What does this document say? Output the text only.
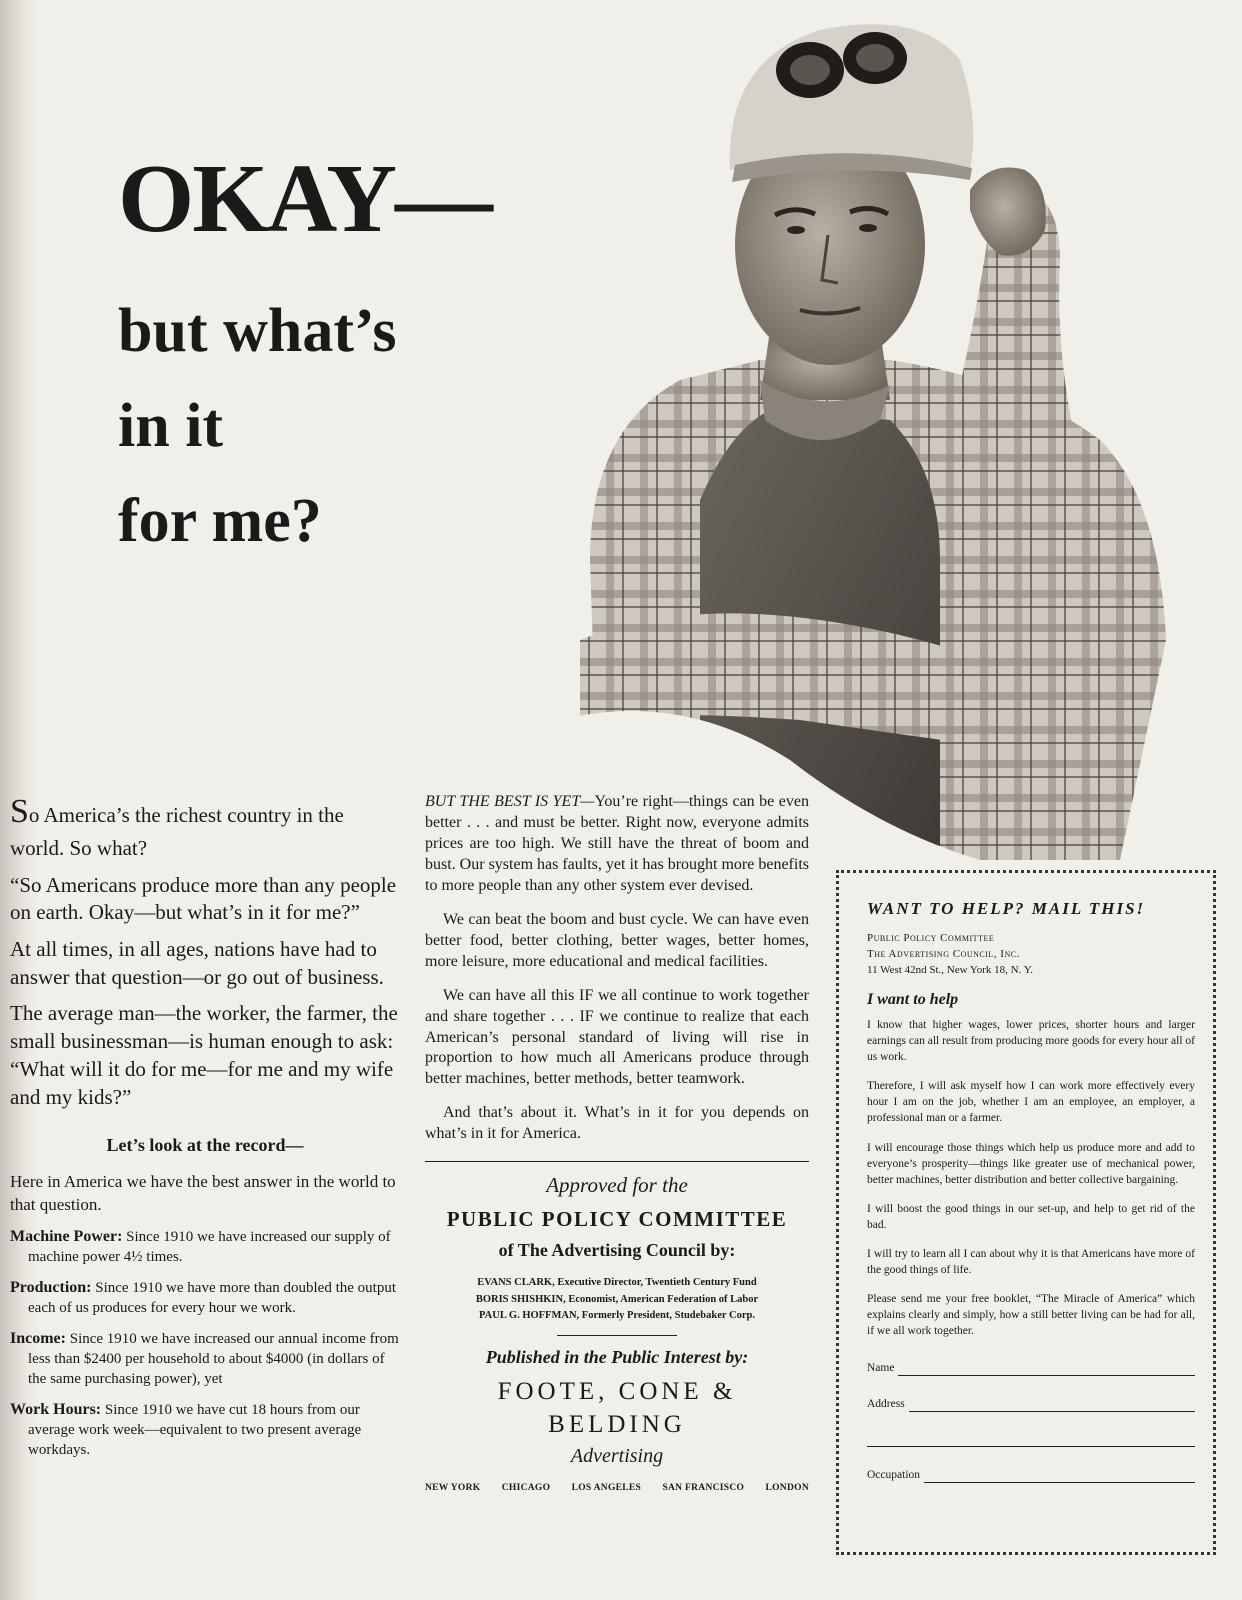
OKAY—
but what’s
in it
for me?

So America’s the richest country in the world. So what?

“So Americans produce more than any people on earth. Okay—but what’s in it for me?”

At all times, in all ages, nations have had to answer that question—or go out of business.

The average man—the worker, the farmer, the small businessman—is human enough to ask: “What will it do for me—for me and my wife and my kids?”

Let’s look at the record—

Here in America we have the best answer in the world to that question.

Machine Power: Since 1910 we have increased our supply of machine power 4½ times.

Production: Since 1910 we have more than doubled the output each of us produces for every hour we work.

Income: Since 1910 we have increased our annual income from less than $2400 per household to about $4000 (in dollars of the same purchasing power), yet

Work Hours: Since 1910 we have cut 18 hours from our average work week—equivalent to two present average workdays.

BUT THE BEST IS YET—You’re right—things can be even better . . . and must be better. Right now, everyone admits prices are too high. We still have the threat of boom and bust. Our system has faults, yet it has brought more benefits to more people than any other system ever devised.

We can beat the boom and bust cycle. We can have even better food, better clothing, better wages, better homes, more leisure, more educational and medical facilities.

We can have all this IF we all continue to work together and share together . . . IF we continue to realize that each American’s personal standard of living will rise in proportion to how much all Americans produce through better machines, better methods, better teamwork.

And that’s about it. What’s in it for you depends on what’s in it for America.

Approved for the
PUBLIC POLICY COMMITTEE
of The Advertising Council by:
EVANS CLARK, Executive Director, Twentieth Century Fund
BORIS SHISHKIN, Economist, American Federation of Labor
PAUL G. HOFFMAN, Formerly President, Studebaker Corp.
Published in the Public Interest by:
FOOTE, CONE & BELDING
Advertising
NEW YORK CHICAGO LOS ANGELES SAN FRANCISCO LONDON
WANT TO HELP? MAIL THIS!
Public Policy Committee
The Advertising Council, Inc.
11 West 42nd St., New York 18, N. Y.
I want to help

I know that higher wages, lower prices, shorter hours and larger earnings can all result from producing more goods for every hour all of us work.

Therefore, I will ask myself how I can work more effectively every hour I am on the job, whether I am an employee, an employer, a professional man or a farmer.

I will encourage those things which help us produce more and add to everyone’s prosperity—things like greater use of mechanical power, better machines, better distribution and better collective bargaining.

I will boost the good things in our set-up, and help to get rid of the bad.

I will try to learn all I can about why it is that Americans have more of the good things of life.

Please send me your free booklet, “The Miracle of America” which explains clearly and simply, how a still better living can be had for all, if we all work together.

Name
Address
Occupation
